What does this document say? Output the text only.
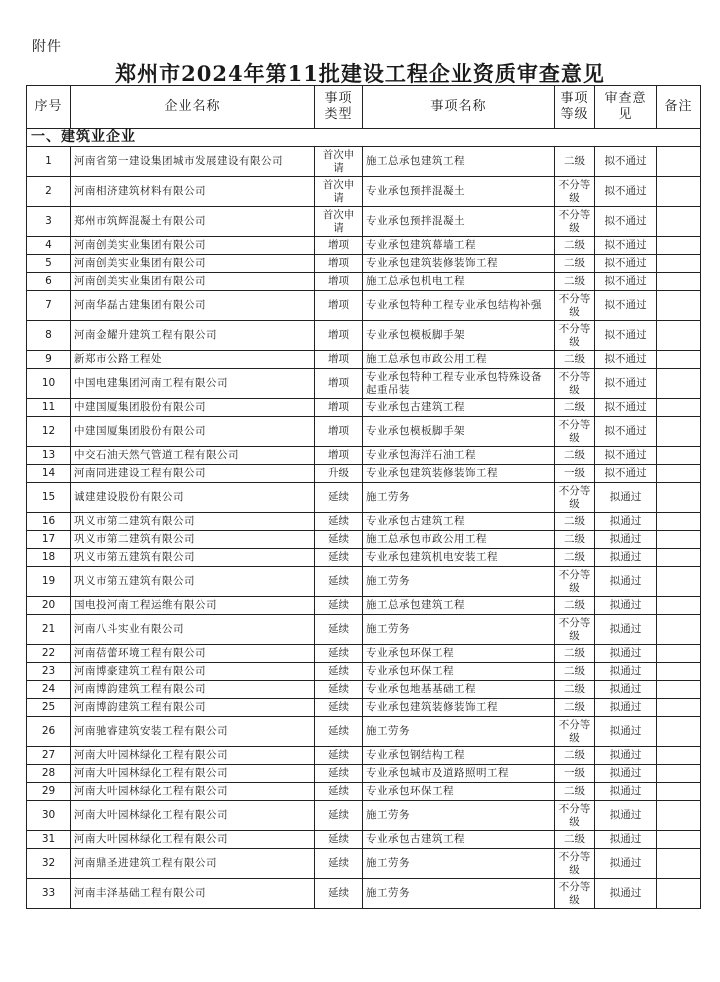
附件
郑州市2024年第11批建设工程企业资质审查意见
序号	企业名称	事项类型	事项名称	事项等级	审查意见	备注
一、建筑业企业						
1	河南省第一建设集团城市发展建设有限公司	首次申请	施工总承包建筑工程	二级	拟不通过	
2	河南相济建筑材料有限公司	首次申请	专业承包预拌混凝土	不分等级	拟不通过	
3	郑州市筑辉混凝土有限公司	首次申请	专业承包预拌混凝土	不分等级	拟不通过	
4	河南创美实业集团有限公司	增项	专业承包建筑幕墙工程	二级	拟不通过	
5	河南创美实业集团有限公司	增项	专业承包建筑装修装饰工程	二级	拟不通过	
6	河南创美实业集团有限公司	增项	施工总承包机电工程	二级	拟不通过	
7	河南华磊古建集团有限公司	增项	专业承包特种工程专业承包结构补强	不分等级	拟不通过	
8	河南金耀升建筑工程有限公司	增项	专业承包模板脚手架	不分等级	拟不通过	
9	新郑市公路工程处	增项	施工总承包市政公用工程	二级	拟不通过	
10	中国电建集团河南工程有限公司	增项	专业承包特种工程专业承包特殊设备起重吊装	不分等级	拟不通过	
11	中建国厦集团股份有限公司	增项	专业承包古建筑工程	二级	拟不通过	
12	中建国厦集团股份有限公司	增项	专业承包模板脚手架	不分等级	拟不通过	
13	中交石油天然气管道工程有限公司	增项	专业承包海洋石油工程	二级	拟不通过	
14	河南同进建设工程有限公司	升级	专业承包建筑装修装饰工程	一级	拟不通过	
15	诚建建设股份有限公司	延续	施工劳务	不分等级	拟通过	
16	巩义市第二建筑有限公司	延续	专业承包古建筑工程	二级	拟通过	
17	巩义市第二建筑有限公司	延续	施工总承包市政公用工程	二级	拟通过	
18	巩义市第五建筑有限公司	延续	专业承包建筑机电安装工程	二级	拟通过	
19	巩义市第五建筑有限公司	延续	施工劳务	不分等级	拟通过	
20	国电投河南工程运维有限公司	延续	施工总承包建筑工程	二级	拟通过	
21	河南八斗实业有限公司	延续	施工劳务	不分等级	拟通过	
22	河南蓓蕾环境工程有限公司	延续	专业承包环保工程	二级	拟通过	
23	河南博豪建筑工程有限公司	延续	专业承包环保工程	二级	拟通过	
24	河南博韵建筑工程有限公司	延续	专业承包地基基础工程	二级	拟通过	
25	河南博韵建筑工程有限公司	延续	专业承包建筑装修装饰工程	二级	拟通过	
26	河南驰睿建筑安装工程有限公司	延续	施工劳务	不分等级	拟通过	
27	河南大叶园林绿化工程有限公司	延续	专业承包钢结构工程	二级	拟通过	
28	河南大叶园林绿化工程有限公司	延续	专业承包城市及道路照明工程	一级	拟通过	
29	河南大叶园林绿化工程有限公司	延续	专业承包环保工程	二级	拟通过	
30	河南大叶园林绿化工程有限公司	延续	施工劳务	不分等级	拟通过	
31	河南大叶园林绿化工程有限公司	延续	专业承包古建筑工程	二级	拟通过	
32	河南鼎圣进建筑工程有限公司	延续	施工劳务	不分等级	拟通过	
33	河南丰泽基础工程有限公司	延续	施工劳务	不分等级	拟通过	
